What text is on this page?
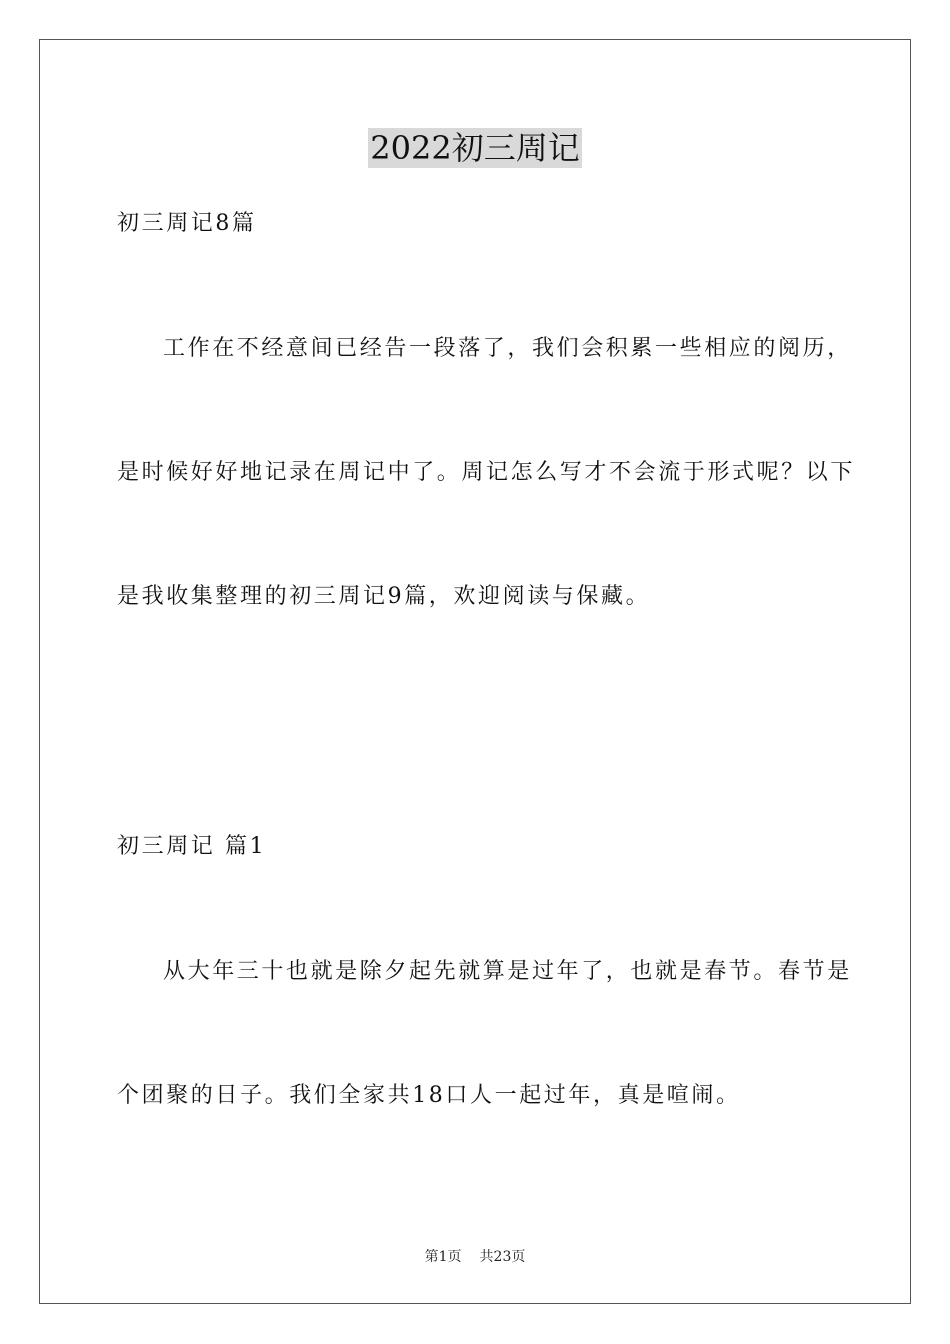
2022初三周记
初三周记8篇
工作在不经意间已经告一段落了，我们会积累一些相应的阅历，
是时候好好地记录在周记中了。周记怎么写才不会流于形式呢？以下
是我收集整理的初三周记9篇，欢迎阅读与保藏。
初三周记 篇1
从大年三十也就是除夕起先就算是过年了，也就是春节。春节是
个团聚的日子。我们全家共18口人一起过年，真是喧闹。
第1页 共23页
